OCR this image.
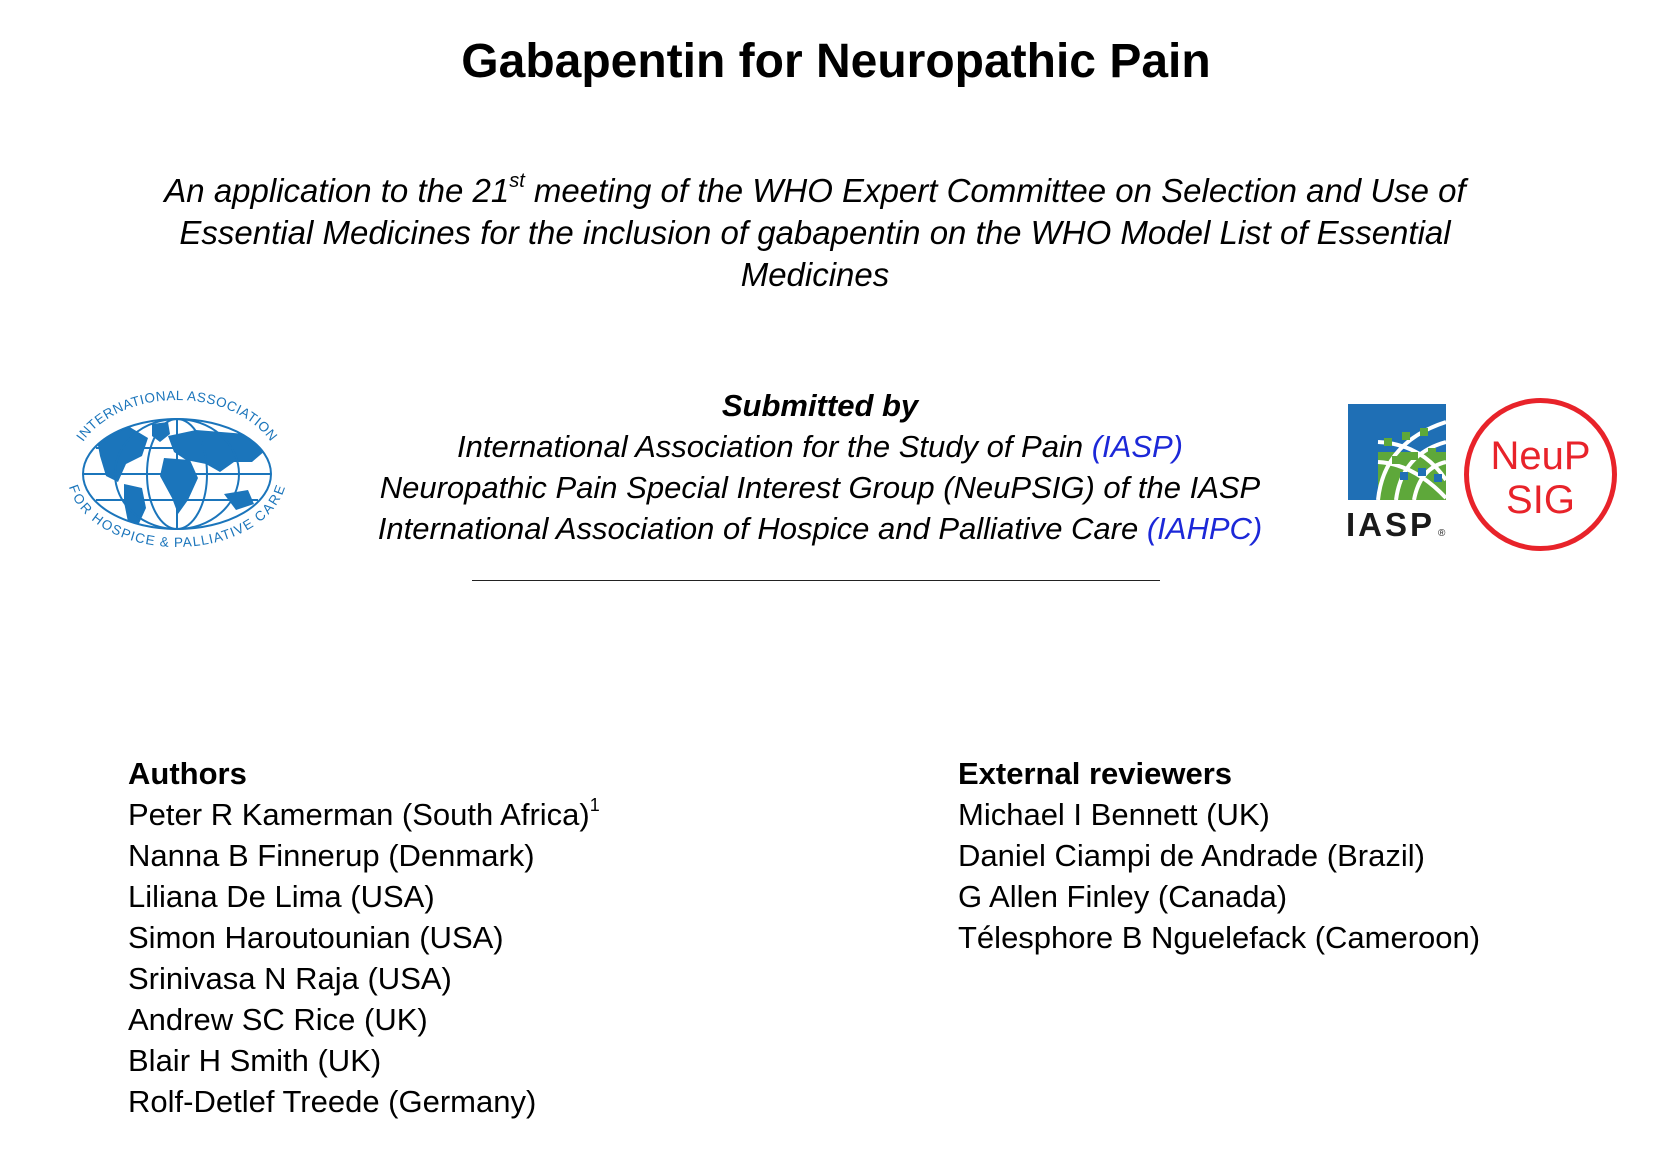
Gabapentin for Neuropathic Pain
An application to the 21st meeting of the WHO Expert Committee on Selection and Use of Essential Medicines for the inclusion of gabapentin on the WHO Model List of Essential Medicines
INTERNATIONAL ASSOCIATION
FOR HOSPICE & PALLIATIVE CARE
Submitted by
International Association for the Study of Pain (IASP)
Neuropathic Pain Special Interest Group (NeuPSIG) of the IASP
International Association of Hospice and Palliative Care (IAHPC)	IASP ®
NeuP
SIG
Authors
Peter R Kamerman (South Africa)$^1$
Nanna B Finnerup (Denmark)
Liliana De Lima (USA)
Simon Haroutounian (USA)
Srinivasa N Raja (USA)
Andrew SC Rice (UK)
Blair H Smith (UK)
Rolf-Detlef Treede (Germany)
External reviewers
Michael I Bennett (UK)
Daniel Ciampi de Andrade (Brazil)
G Allen Finley (Canada)
Télesphore B Nguelefack (Cameroon)
